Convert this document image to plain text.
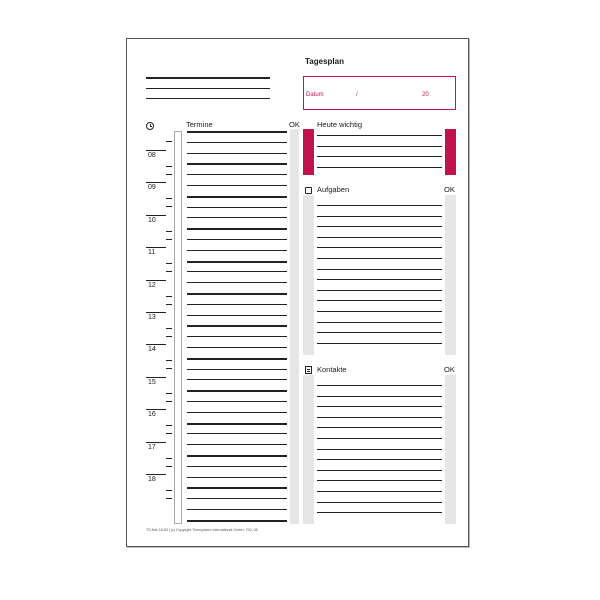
Tagesplan
Datum	/	20
Termine	OK
08
09
10
11
12
13
14
15
16
17
18
Heute wichtig
Aufgaben	OK
Kontakte	OK
TS-Nat 11153 | (c) Copyright Timesystem International GmbH, 700, 08
